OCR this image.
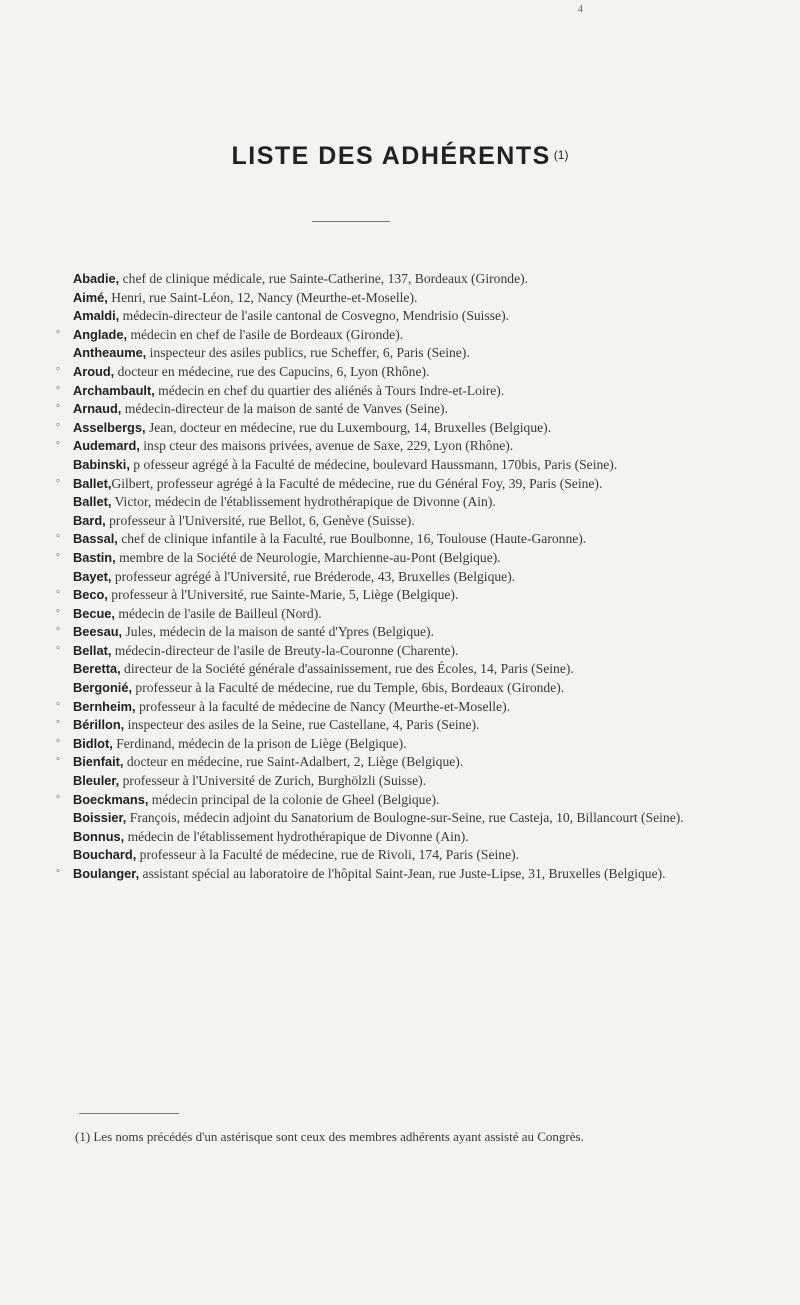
4
LISTE DES ADHÉRENTS $^{(1)}$
Abadie, chef de clinique médicale, rue Sainte-Catherine, 137, Bordeaux (Gironde).
Aimé, Henri, rue Saint-Léon, 12, Nancy (Meurthe-et-Moselle).
Amaldi, médecin-directeur de l'asile cantonal de Cosvegno, Mendrisio (Suisse).
° Anglade, médecin en chef de l'asile de Bordeaux (Gironde).
Antheaume, inspecteur des asiles publics, rue Scheffer, 6, Paris (Seine).
° Aroud, docteur en médecine, rue des Capucins, 6, Lyon (Rhône).
° Archambault, médecin en chef du quartier des aliénés à Tours Indre-et-Loire).
° Arnaud, médecin-directeur de la maison de santé de Vanves (Seine).
° Asselbergs, Jean, docteur en médecine, rue du Luxembourg, 14, Bruxelles (Belgique).
° Audemard, insp cteur des maisons privées, avenue de Saxe, 229, Lyon (Rhône).
Babinski, p ofesseur agrégé à la Faculté de médecine, boulevard Haussmann, 170bis, Paris (Seine).
° Ballet,Gilbert, professeur agrégé à la Faculté de médecine, rue du Général Foy, 39, Paris (Seine).
Ballet, Victor, médecin de l'établissement hydrothérapique de Divonne (Ain).
Bard, professeur à l'Université, rue Bellot, 6, Genève (Suisse).
° Bassal, chef de clinique infantile à la Faculté, rue Boulbonne, 16, Toulouse (Haute-Garonne).
° Bastin, membre de la Société de Neurologie, Marchienne-au-Pont (Belgique).
Bayet, professeur agrégé à l'Université, rue Bréderode, 43, Bruxelles (Belgique).
° Beco, professeur à l'Université, rue Sainte-Marie, 5, Liège (Belgique).
° Becue, médecin de l'asile de Bailleul (Nord).
° Beesau, Jules, médecin de la maison de santé d'Ypres (Belgique).
° Bellat, médecin-directeur de l'asile de Breuty-la-Couronne (Charente).
Beretta, directeur de la Société générale d'assainissement, rue des Écoles, 14, Paris (Seine).
Bergonié, professeur à la Faculté de médecine, rue du Temple, 6bis, Bordeaux (Gironde).
° Bernheim, professeur à la faculté de médecine de Nancy (Meurthe-et-Moselle).
° Bérillon, inspecteur des asiles de la Seine, rue Castellane, 4, Paris (Seine).
° Bidlot, Ferdinand, médecin de la prison de Liège (Belgique).
° Bienfait, docteur en médecine, rue Saint-Adalbert, 2, Liège (Belgique).
Bleuler, professeur à l'Université de Zurich, Burghölzli (Suisse).
° Boeckmans, médecin principal de la colonie de Gheel (Belgique).
Boissier, François, médecin adjoint du Sanatorium de Boulogne-sur-Seine, rue Casteja, 10, Billancourt (Seine).
Bonnus, médecin de l'établissement hydrothérapique de Divonne (Ain).
Bouchard, professeur à la Faculté de médecine, rue de Rivoli, 174, Paris (Seine).
° Boulanger, assistant spécial au laboratoire de l'hôpital Saint-Jean, rue Juste-Lipse, 31, Bruxelles (Belgique).
(1) Les noms précédés d'un astérisque sont ceux des membres adhérents ayant assisté au Congrès.
